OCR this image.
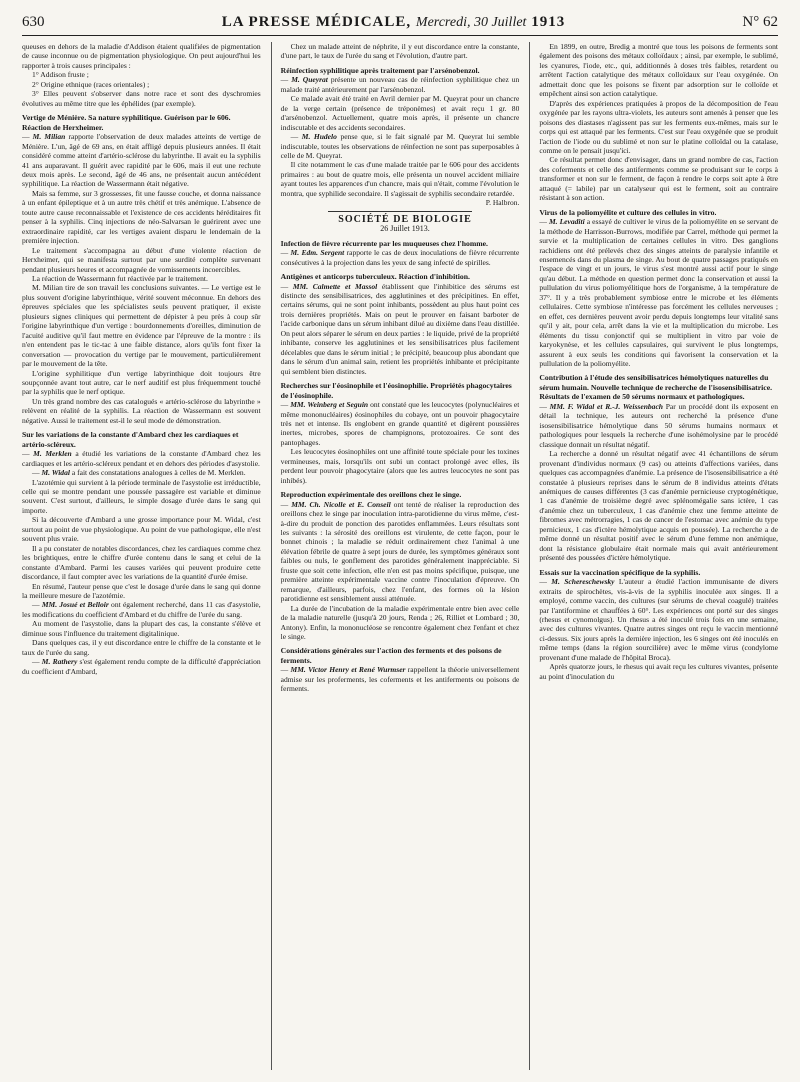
630	LA PRESSE MÉDICALE, Mercredi, 30 Juillet 1913	N° 62

queuses en dehors de la maladie d'Addison étaient qualifiées de pigmentation de cause inconnue ou de pigmentation physiologique. On peut aujourd'hui les rapporter à trois causes principales :

1° Addison fruste ;

2° Origine ethnique (races orientales) ;

3° Elles peuvent s'observer dans notre race et sont des dyschromies évolutives au même titre que les éphélides (par exemple).

Vertige de Ménière. Sa nature syphilitique. Guérison par le 606. Réaction de Herxheimer.

— M. Milian rapporte l'observation de deux malades atteints de vertige de Ménière. L'un, âgé de 69 ans, en était affligé depuis plusieurs années. Il était considéré comme atteint d'artério-sclérose du labyrinthe. Il avait eu la syphilis 41 ans auparavant. Il guérit avec rapidité par le 606, mais il eut une rechute deux mois après. Le second, âgé de 46 ans, ne présentait aucun antécédent syphilitique. La réaction de Wassermann était négative.

Mais sa femme, sur 3 grossesses, fit une fausse couche, et donna naissance à un enfant épileptique et à un autre très chétif et très anémique. L'absence de toute autre cause reconnaissable et l'existence de ces accidents héréditaires fit penser à la syphilis. Cinq injections de néo-Salvarsan le guérirent avec une extraordinaire rapidité, car les vertiges avaient disparu le lendemain de la première injection.

Le traitement s'accompagna au début d'une violente réaction de Herxheimer, qui se manifesta surtout par une surdité complète survenant pendant plusieurs heures et accompagnée de vomissements incoercibles.

La réaction de Wassermann fut réactivée par le traitement.

M. Milian tire de son travail les conclusions suivantes. — Le vertige est le plus souvent d'origine labyrinthique, vérité souvent méconnue. En dehors des épreuves spéciales que les spécialistes seuls peuvent pratiquer, il existe plusieurs signes cliniques qui permettent de dépister à peu près à coup sûr l'origine labyrinthique d'un vertige : bourdonnements d'oreilles, diminution de l'acuité auditive qu'il faut mettre en évidence par l'épreuve de la montre : ils n'en entendent pas le tic-tac à une faible distance, alors qu'ils font fixer la conversation — provocation du vertige par le mouvement, particulièrement par le mouvement de la tête.

L'origine syphilitique d'un vertige labyrinthique doit toujours être soupçonnée avant tout autre, car le nerf auditif est plus fréquemment touché par la syphilis que le nerf optique.

Un très grand nombre des cas catalogués « artério-sclérose du labyrinthe » relèvent en réalité de la syphilis. La réaction de Wassermann est souvent négative. Aussi le traitement est-il le seul mode de démonstration.

Sur les variations de la constante d'Ambard chez les cardiaques et artério-scléreux.

— M. Merklen a étudié les variations de la constante d'Ambard chez les cardiaques et les artério-scléreux pendant et en dehors des périodes d'asystolie.

— M. Widal a fait des constatations analogues à celles de M. Merklen.

L'azotémie qui survient à la période terminale de l'asystolie est irréductible, celle qui se montre pendant une poussée passagère est variable et diminue souvent. C'est surtout, d'ailleurs, le simple dosage d'urée dans le sang qui importe.

Si la découverte d'Ambard a une grosse importance pour M. Widal, c'est surtout au point de vue physiologique. Au point de vue pathologique, elle n'est souvent plus vraie.

Il a pu constater de notables discordances, chez les cardiaques comme chez les brightiques, entre le chiffre d'urée contenu dans le sang et celui de la constante d'Ambard. Parmi les causes variées qui peuvent produire cette discordance, il faut compter avec les variations de la quantité d'urée émise.

En résumé, l'auteur pense que c'est le dosage d'urée dans le sang qui donne la meilleure mesure de l'azotémie.

— MM. Josué et Belloir ont également recherché, dans 11 cas d'asystolie, les modifications du coefficient d'Ambard et du chiffre de l'urée du sang.

Au moment de l'asystolie, dans la plupart des cas, la constante s'élève et diminue sous l'influence du traitement digitalinique.

Dans quelques cas, il y eut discordance entre le chiffre de la constante et le taux de l'urée du sang.

— M. Rathery s'est également rendu compte de la difficulté d'appréciation du coefficient d'Ambard,

Chez un malade atteint de néphrite, il y eut discordance entre la constante, d'une part, le taux de l'urée du sang et l'évolution, d'autre part.

Réinfection syphilitique après traitement par l'arsénobenzol.

— M. Queyrat présente un nouveau cas de réinfection syphilitique chez un malade traité antérieurement par l'arsénobenzol.

Ce malade avait été traité en Avril dernier par M. Queyrat pour un chancre de la verge certain (présence de tréponèmes) et avait reçu 1 gr. 80 d'arsénobenzol. Actuellement, quatre mois après, il présente un chancre indiscutable et des accidents secondaires.

— M. Hudelo pense que, si le fait signalé par M. Queyrat lui semble indiscutable, toutes les observations de réinfection ne sont pas superposables à celle de M. Queyrat.

Il cite notamment le cas d'une malade traitée par le 606 pour des accidents primaires : au bout de quatre mois, elle présenta un nouvel accident miliaire ayant toutes les apparences d'un chancre, mais qui n'était, comme l'évolution le montra, que syphilide secondaire. Il s'agissait de syphilis secondaire retardée.

P. Halbron.

SOCIÉTÉ DE BIOLOGIE

26 Juillet 1913.

Infection de fièvre récurrente par les muqueuses chez l'homme.

— M. Edm. Sergent rapporte le cas de deux inoculations de fièvre récurrente consécutives à la projection dans les yeux de sang infecté de spirilles.

Antigènes et anticorps tuberculeux. Réaction d'inhibition.

— MM. Calmette et Massol établissent que l'inhibitice des sérums est distincte des sensibilisatrices, des agglutinines et des précipitines. En effet, certains sérums, qui ne sont point inhibants, possèdent au plus haut point ces trois dernières propriétés. Mais on peut le prouver en faisant barboter de l'acide carbonique dans un sérum inhibant dilué au dixième dans l'eau distillée. On peut alors séparer le sérum en deux parties : le liquide, privé de la propriété inhibante, conserve les agglutinines et les sensibilisatrices plus facilement décelables que dans le sérum initial ; le précipité, beaucoup plus abondant que dans le sérum d'un animal sain, retient les propriétés inhibante et précipitante qui semblent bien distinctes.

Recherches sur l'éosinophile et l'éosinophilie. Propriétés phagocytaires de l'éosinophile.

— MM. Weinberg et Seguin ont constaté que les leucocytes (polynucléaires et même mononucléaires) éosinophiles du cobaye, ont un pouvoir phagocytaire très net et intense. Ils englobent en grande quantité et digèrent poussières inertes, microbes, spores de champignons, protozoaires. Ce sont des pantophages.

Les leucocytes éosinophiles ont une affinité toute spéciale pour les toxines vermineuses, mais, lorsqu'ils ont subi un contact prolongé avec elles, ils perdent leur pouvoir phagocytaire (alors que les autres leucocytes ne sont pas inhibés).

Reproduction expérimentale des oreillons chez le singe.

— MM. Ch. Nicolle et E. Conseil ont tenté de réaliser la reproduction des oreillons chez le singe par inoculation intra-parotidienne du virus même, c'est-à-dire du produit de ponction des parotides enflammées. Leurs résultats sont les suivants : la sérosité des oreillons est virulente, de cette façon, pour le bonnet chinois ; la maladie se réduit ordinairement chez l'animal à une élévation fébrile de quatre à sept jours de durée, les symptômes généraux sont faibles ou nuls, le gonflement des parotides généralement inappréciable. Si fruste que soit cette infection, elle n'en est pas moins spécifique, puisque, une première atteinte expérimentale vaccine contre l'inoculation d'épreuve. On remarque, d'ailleurs, parfois, chez l'enfant, des formes où la lésion parotidienne est sensiblement aussi atténuée.

La durée de l'incubation de la maladie expérimentale entre bien avec celle de la maladie naturelle (jusqu'à 20 jours, Renda ; 26, Rilliet et Lombard ; 30, Antony). Enfin, la mononucléose se rencontre également chez l'enfant et chez le singe.

Considérations générales sur l'action des ferments et des poisons de ferments.

— MM. Victor Henry et René Wurmser rappellent la théorie universellement admise sur les proferments, les coferments et les antiferments ou poisons de ferments.

En 1899, en outre, Bredig a montré que tous les poisons de ferments sont également des poisons des métaux colloïdaux ; ainsi, par exemple, le sublimé, les cyanures, l'iode, etc., qui, additionnés à doses très faibles, retardent ou arrêtent l'action catalytique des métaux colloïdaux sur l'eau oxygénée. On admettait donc que les poisons se fixent par adsorption sur le colloïde et empêchent ainsi son action catalytique.

D'après des expériences pratiquées à propos de la décomposition de l'eau oxygénée par les rayons ultra-violets, les auteurs sont amenés à penser que les poisons des diastases n'agissent pas sur les ferments eux-mêmes, mais sur le corps qui est attaqué par les ferments. C'est sur l'eau oxygénée que se produit l'action de l'iode ou du sublimé et non sur le platine colloïdal ou la catalase, comme on le pensait jusqu'ici.

Ce résultat permet donc d'envisager, dans un grand nombre de cas, l'action des coferments et celle des antiferments comme se produisant sur le corps à transformer et non sur le ferment, de façon à rendre le corps soit apte à être attaqué (= labile) par un catalyseur qui est le ferment, soit au contraire résistant à son action.

Virus de la poliomyélite et culture des cellules in vitro.

— M. Levaditi a essayé de cultiver le virus de la poliomyélite en se servant de la méthode de Harrisson-Burrows, modifiée par Carrel, méthode qui permet la survie et la multiplication de certaines cellules in vitro. Des ganglions rachidiens ont été prélevés chez des singes atteints de paralysie infantile et ensemencés dans du plasma de singe. Au bout de quatre passages pratiqués en l'espace de vingt et un jours, le virus s'est montré aussi actif pour le singe qu'au début. La méthode en question permet donc la conservation et aussi la pullulation du virus poliomyélitique hors de l'organisme, à la température de 37°. Il y a très probablement symbiose entre le microbe et les éléments cellulaires. Cette symbiose n'intéresse pas forcément les cellules nerveuses ; en effet, ces dernières peuvent avoir perdu depuis longtemps leur vitalité sans qu'il y ait, pour cela, arrêt dans la vie et la multiplication du microbe. Les éléments du tissu conjonctif qui se multiplient in vitro par voie de karyokynèse, et les cellules capsulaires, qui survivent le plus longtemps, assurent à eux seuls les conditions qui favorisent la conservation et la pullulation de la poliomyélite.

Contribution à l'étude des sensibilisatrices hémolytiques naturelles du sérum humain. Nouvelle technique de recherche de l'isosensibilisatrice. Résultats de l'examen de 50 sérums normaux et pathologiques.

— MM. F. Widal et R.-J. Weissenbach Par un procédé dont ils exposent en détail la technique, les auteurs ont recherché la présence d'une isosensibilisatrice hémolytique dans 50 sérums humains normaux et pathologiques pour lesquels la recherche d'une isohémolysine par le procédé classique donnait un résultat négatif.

La recherche a donné un résultat négatif avec 41 échantillons de sérum provenant d'individus normaux (9 cas) ou atteints d'affections variées, dans quelques cas accompagnées d'anémie. La présence de l'isosensibilisatrice a été constatée à plusieurs reprises dans le sérum de 8 individus atteints d'états anémiques de causes différentes (3 cas d'anémie pernicieuse cryptogénétique, 1 cas d'anémie de troisième degré avec splénomégalie sans ictère, 1 cas d'anémie chez un tuberculeux, 1 cas d'anémie chez une femme atteinte de fibromes avec métrorragies, 1 cas de cancer de l'estomac avec anémie du type pernicieux, 1 cas d'ictère hémolytique acquis en poussée). La recherche a de même donné un résultat positif avec le sérum d'une femme non anémique, dont la résistance globulaire était normale mais qui avait antérieurement présenté des poussées d'ictère hémolytique.

Essais sur la vaccination spécifique de la syphilis.

— M. Schereschewsky L'auteur a étudié l'action immunisante de divers extraits de spirochètes, vis-à-vis de la syphilis inoculée aux singes. Il a employé, comme vaccin, des cultures (sur sérums de cheval coagulé) traitées par l'antiformine et chauffées à 60°. Les expériences ont porté sur des singes (rhesus et cynomolgus). Un rhesus a été inoculé trois fois en une semaine, avec des cultures vivantes. Quatre autres singes ont reçu le vaccin mentionné ci-dessus. Six jours après la dernière injection, les 6 singes ont été inoculés en même temps (dans la région sourcilière) avec le même virus (condylome provenant d'une malade de l'hôpital Broca).

Après quatorze jours, le rhesus qui avait reçu les cultures vivantes, présente au point d'inoculation du
